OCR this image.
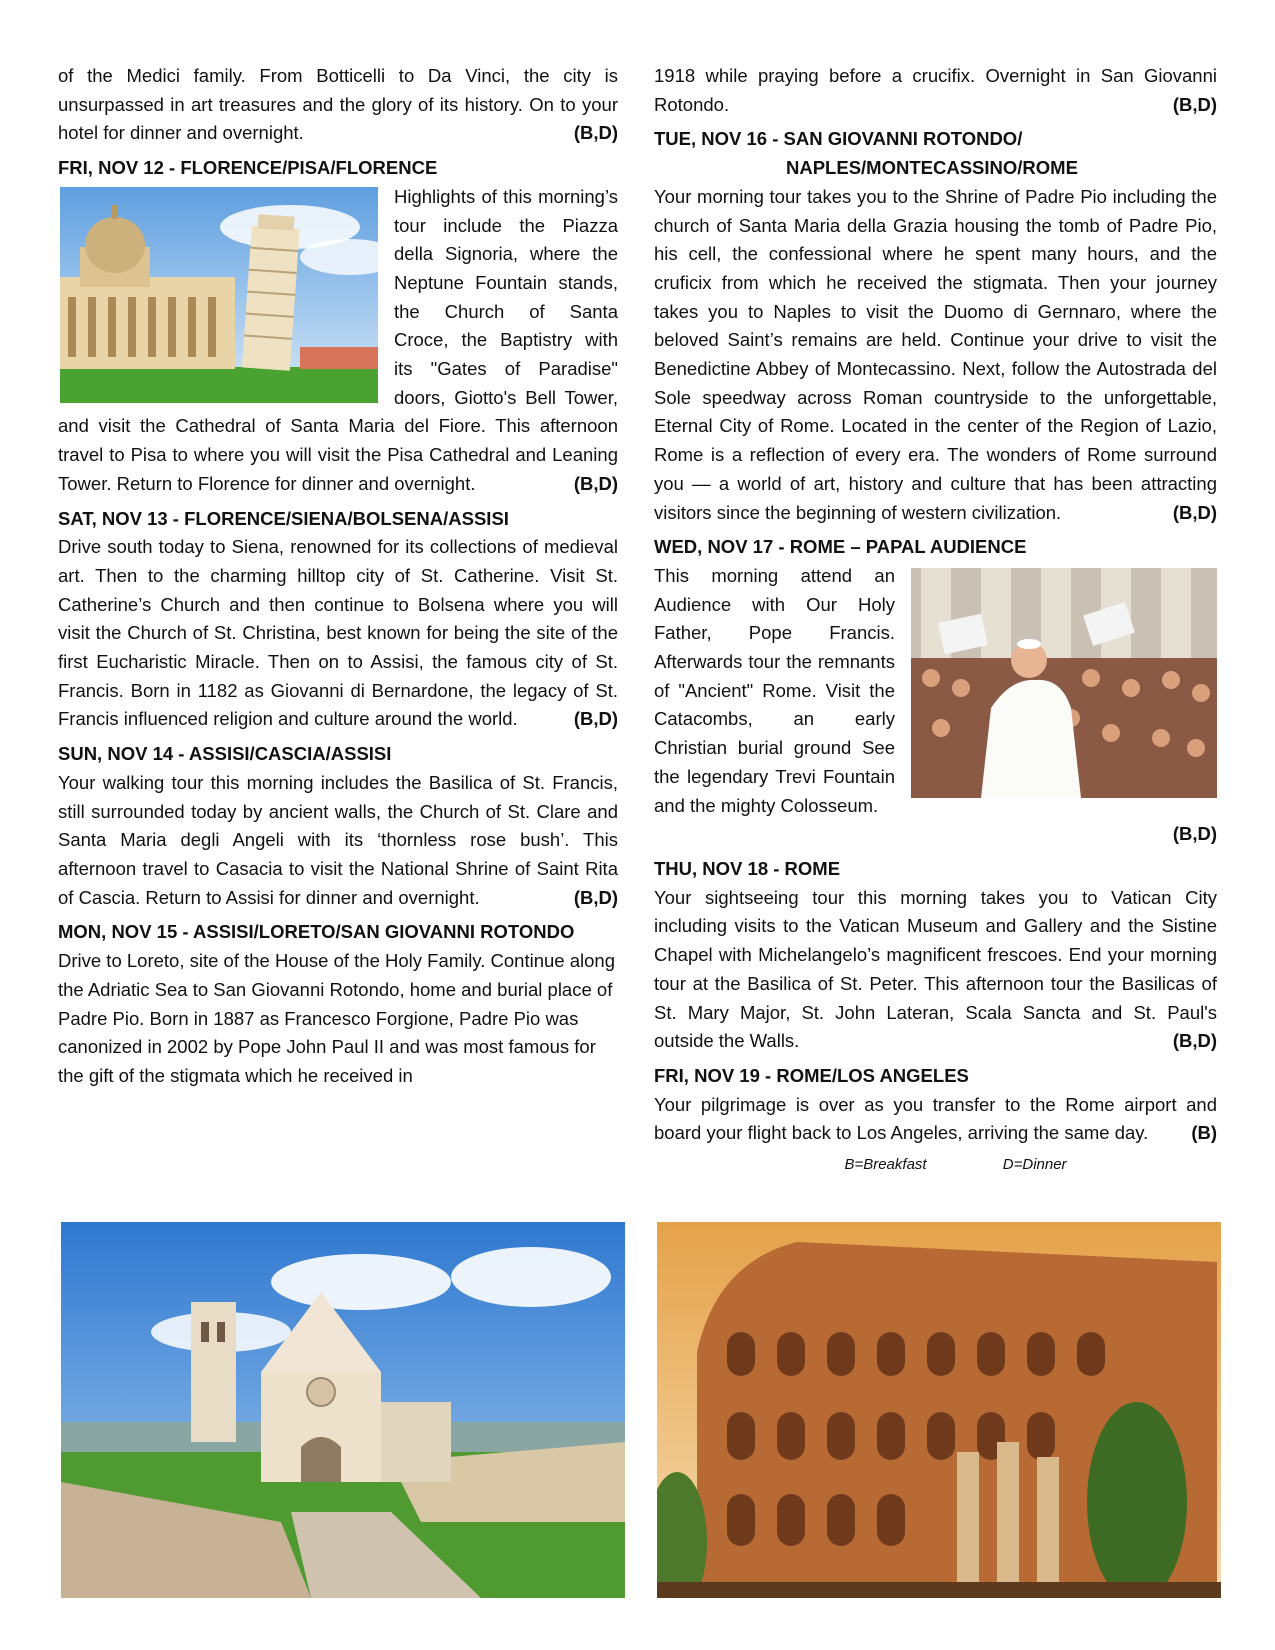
of the Medici family. From Botticelli to Da Vinci, the city is unsurpassed in art treasures and the glory of its history. On to your hotel for dinner and overnight.	(B,D)

FRI, NOV 12 - FLORENCE/PISA/FLORENCE

Highlights of this morning’s tour include the Piazza della Signoria, where the Neptune Fountain stands, the Church of Santa Croce, the Baptistry with its "Gates of Paradise" doors, Giotto's Bell Tower, and visit the Cathedral of Santa Maria del Fiore. This afternoon travel to Pisa to where you will visit the Pisa Cathedral and Leaning Tower. Return to Florence for dinner and overnight.	(B,D)

SAT, NOV 13 - FLORENCE/SIENA/BOLSENA/ASSISI

Drive south today to Siena, renowned for its collections of medieval art. Then to the charming hilltop city of St. Catherine. Visit St. Catherine’s Church and then continue to Bolsena where you will visit the Church of St. Christina, best known for being the site of the first Eucharistic Miracle. Then on to Assisi, the famous city of St. Francis. Born in 1182 as Giovanni di Bernardone, the legacy of St. Francis influenced religion and culture around the world.	(B,D)

SUN, NOV 14 - ASSISI/CASCIA/ASSISI

Your walking tour this morning includes the Basilica of St. Francis, still surrounded today by ancient walls, the Church of St. Clare and Santa Maria degli Angeli with its ‘thornless rose bush’. This afternoon travel to Casacia to visit the National Shrine of Saint Rita of Cascia. Return to Assisi for dinner and overnight.	(B,D)

MON, NOV 15 - ASSISI/LORETO/SAN GIOVANNI ROTONDO

Drive to Loreto, site of the House of the Holy Family. Continue along the Adriatic Sea to San Giovanni Rotondo, home and burial place of Padre Pio. Born in 1887 as Francesco Forgione, Padre Pio was canonized in 2002 by Pope John Paul II and was most famous for the gift of the stigmata which he received in

1918 while praying before a crucifix. Overnight in San Giovanni Rotondo.	(B,D)

TUE, NOV 16 - SAN GIOVANNI ROTONDO/
NAPLES/MONTECASSINO/ROME

Your morning tour takes you to the Shrine of Padre Pio including the church of Santa Maria della Grazia housing the tomb of Padre Pio, his cell, the confessional where he spent many hours, and the cruficix from which he received the stigmata. Then your journey takes you to Naples to visit the Duomo di Gernnaro, where the beloved Saint’s remains are held. Continue your drive to visit the Benedictine Abbey of Montecassino. Next, follow the Autostrada del Sole speedway across Roman countryside to the unforgettable, Eternal City of Rome. Located in the center of the Region of Lazio, Rome is a reflection of every era. The wonders of Rome surround you — a world of art, history and culture that has been attracting visitors since the beginning of western civilization.	(B,D)

WED, NOV 17 - ROME – PAPAL AUDIENCE

This morning attend an Audience with Our Holy Father, Pope Francis. Afterwards tour the remnants of "Ancient" Rome. Visit the Catacombs, an early Christian burial ground See the legendary Trevi Fountain and the mighty Colosseum.

(B,D)

THU, NOV 18 - ROME

Your sightseeing tour this morning takes you to Vatican City including visits to the Vatican Museum and Gallery and the Sistine Chapel with Michelangelo’s magnificent frescoes. End your morning tour at the Basilica of St. Peter. This afternoon tour the Basilicas of St. Mary Major, St. John Lateran, Scala Sancta and St. Paul's outside the Walls.	(B,D)

FRI, NOV 19 - ROME/LOS ANGELES

Your pilgrimage is over as you transfer to the Rome airport and board your flight back to Los Angeles, arriving the same day. (B)

B=Breakfast	D=Dinner
